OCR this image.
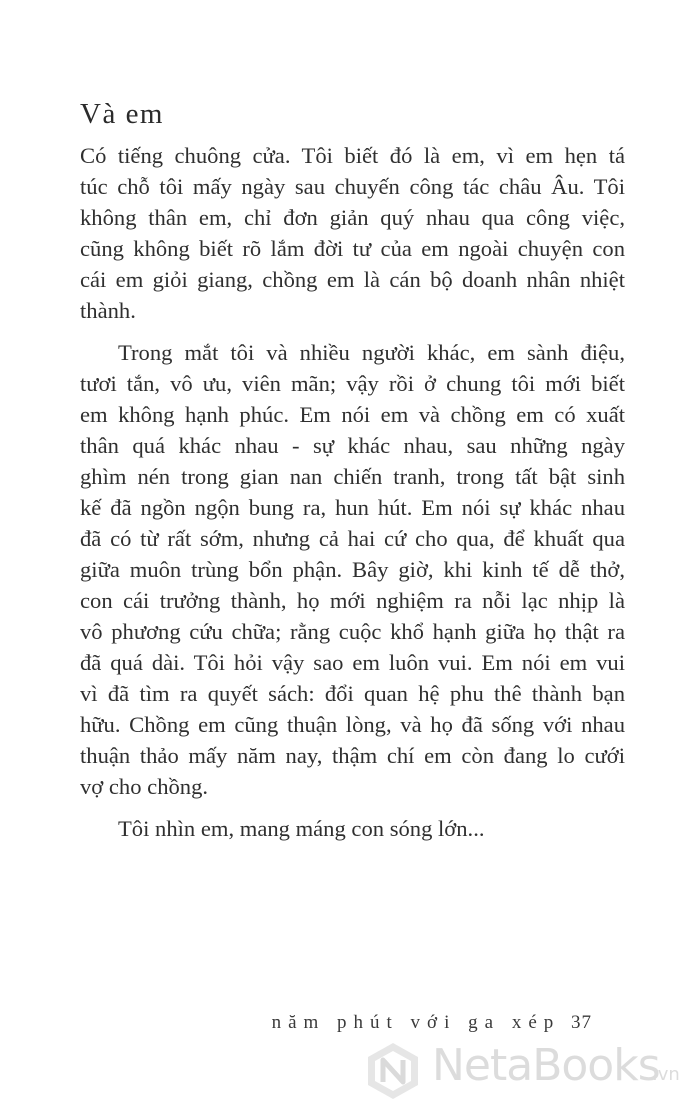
Và em
Có tiếng chuông cửa. Tôi biết đó là em, vì em hẹn tá
túc chỗ tôi mấy ngày sau chuyến công tác châu Âu. Tôi
không thân em, chỉ đơn giản quý nhau qua công việc,
cũng không biết rõ lắm đời tư của em ngoài chuyện con
cái em giỏi giang, chồng em là cán bộ doanh nhân nhiệt
thành.
Trong mắt tôi và nhiều người khác, em sành điệu,
tươi tắn, vô ưu, viên mãn; vậy rồi ở chung tôi mới biết
em không hạnh phúc. Em nói em và chồng em có xuất
thân quá khác nhau - sự khác nhau, sau những ngày
ghìm nén trong gian nan chiến tranh, trong tất bật sinh
kế đã ngồn ngộn bung ra, hun hút. Em nói sự khác nhau
đã có từ rất sớm, nhưng cả hai cứ cho qua, để khuất qua
giữa muôn trùng bổn phận. Bây giờ, khi kinh tế dễ thở,
con cái trưởng thành, họ mới nghiệm ra nỗi lạc nhịp là
vô phương cứu chữa; rằng cuộc khổ hạnh giữa họ thật ra
đã quá dài. Tôi hỏi vậy sao em luôn vui. Em nói em vui
vì đã tìm ra quyết sách: đổi quan hệ phu thê thành bạn
hữu. Chồng em cũng thuận lòng, và họ đã sống với nhau
thuận thảo mấy năm nay, thậm chí em còn đang lo cưới
vợ cho chồng.
Tôi nhìn em, mang máng con sóng lớn...
năm phút với ga xép 37
NetaBooks
.vn
